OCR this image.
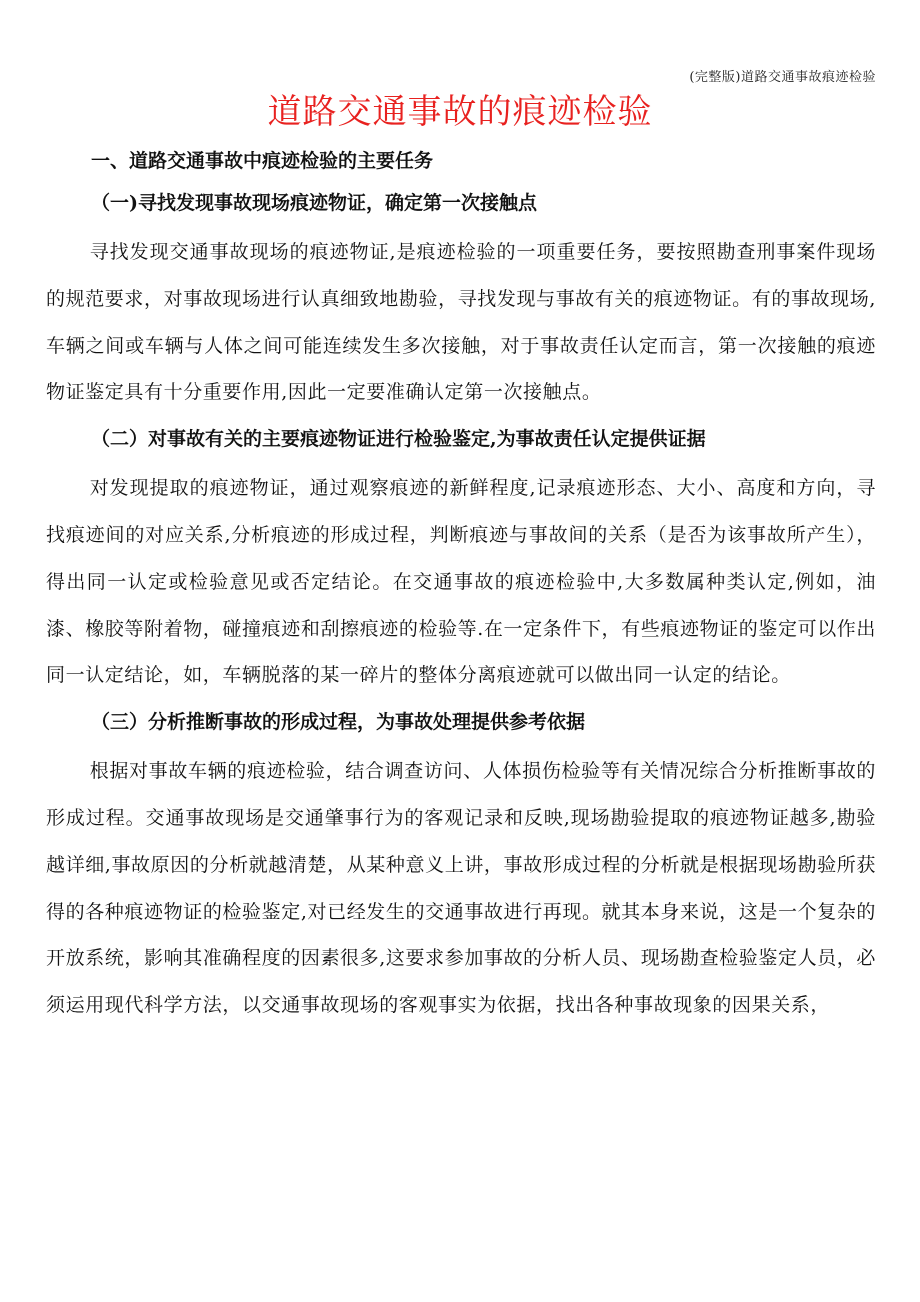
(完整版)道路交通事故痕迹检验
道路交通事故的痕迹检验
一、道路交通事故中痕迹检验的主要任务
（一)寻找发现事故现场痕迹物证，确定第一次接触点

寻找发现交通事故现场的痕迹物证,是痕迹检验的一项重要任务，要按照勘查刑事案件现场的规范要求，对事故现场进行认真细致地勘验，寻找发现与事故有关的痕迹物证。有的事故现场,车辆之间或车辆与人体之间可能连续发生多次接触，对于事故责任认定而言，第一次接触的痕迹物证鉴定具有十分重要作用,因此一定要准确认定第一次接触点。

（二）对事故有关的主要痕迹物证进行检验鉴定,为事故责任认定提供证据

对发现提取的痕迹物证，通过观察痕迹的新鲜程度,记录痕迹形态、大小、高度和方向，寻找痕迹间的对应关系,分析痕迹的形成过程，判断痕迹与事故间的关系（是否为该事故所产生），得出同一认定或检验意见或否定结论。在交通事故的痕迹检验中,大多数属种类认定,例如，油漆、橡胶等附着物，碰撞痕迹和刮擦痕迹的检验等.在一定条件下，有些痕迹物证的鉴定可以作出同一认定结论，如，车辆脱落的某一碎片的整体分离痕迹就可以做出同一认定的结论。

（三）分析推断事故的形成过程，为事故处理提供参考依据

根据对事故车辆的痕迹检验，结合调查访问、人体损伤检验等有关情况综合分析推断事故的形成过程。交通事故现场是交通肇事行为的客观记录和反映,现场勘验提取的痕迹物证越多,勘验越详细,事故原因的分析就越清楚，从某种意义上讲，事故形成过程的分析就是根据现场勘验所获得的各种痕迹物证的检验鉴定,对已经发生的交通事故进行再现。就其本身来说，这是一个复杂的开放系统，影响其准确程度的因素很多,这要求参加事故的分析人员、现场勘查检验鉴定人员，必须运用现代科学方法，以交通事故现场的客观事实为依据，找出各种事故现象的因果关系，
